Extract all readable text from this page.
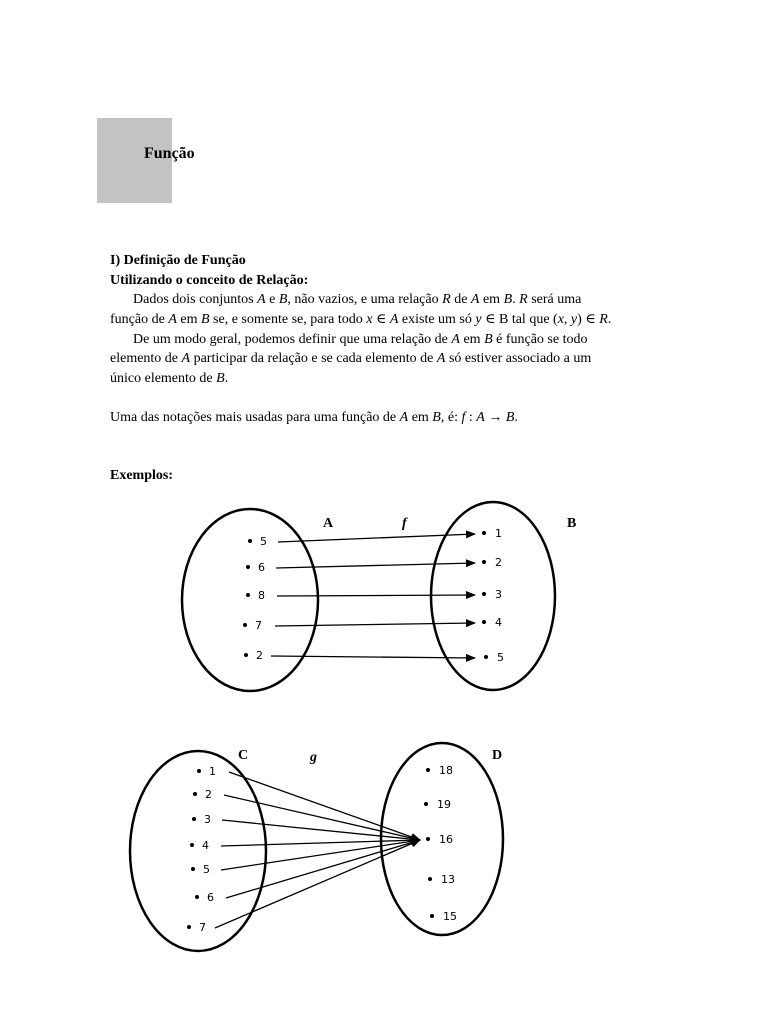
Função
I) Definição de Função
Utilizando o conceito de Relação:
Dados dois conjuntos A e B, não vazios, e uma relação R de A em B. R será uma
função de A em B se, e somente se, para todo x ∈ A existe um só y ∈ B tal que (x, y) ∈ R.
De um modo geral, podemos definir que uma relação de A em B é função se todo
elemento de A participar da relação e se cada elemento de A só estiver associado a um
único elemento de B.
Uma das notações mais usadas para uma função de A em B, é: f : A → B.
Exemplos:
A	f	B
5
6
8
7
2
1
2
3
4
5
C	g	D
1
2
3
4
5
6
7
18
19
16
13
15
